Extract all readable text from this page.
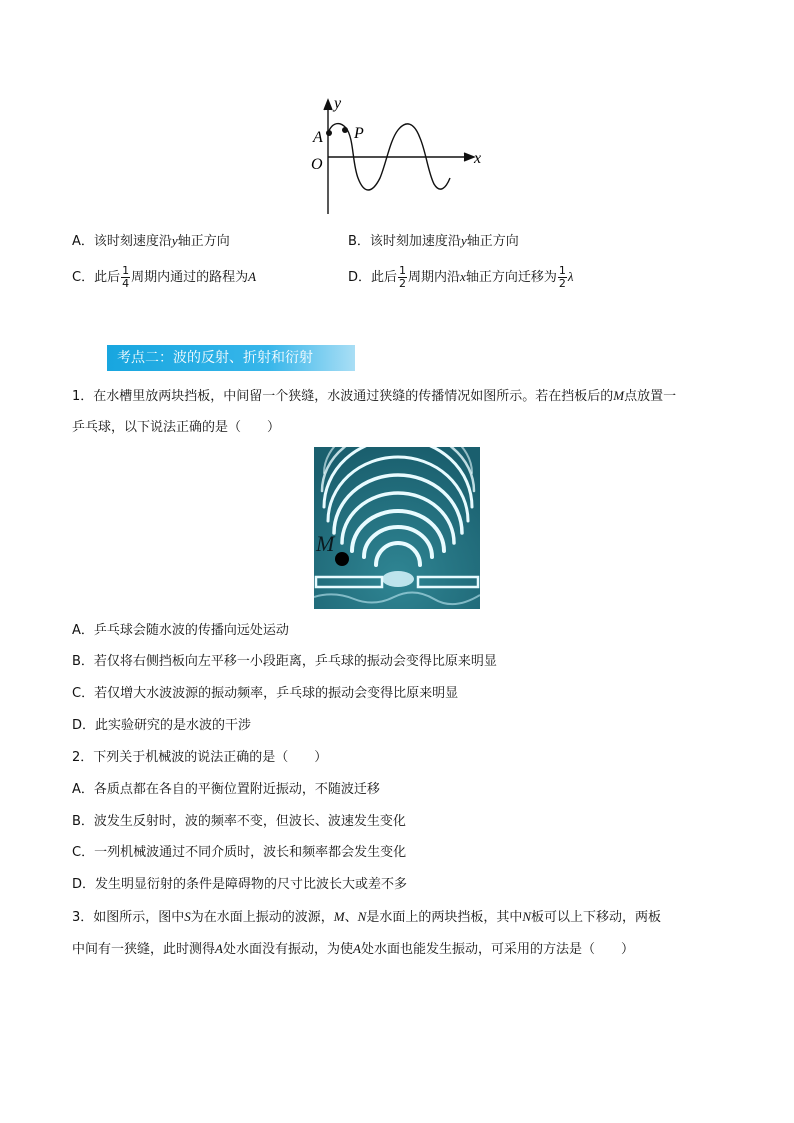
y
x
A P
O
A．该时刻速度沿y轴正方向	B．该时刻加速度沿y轴正方向
C．此后 $\frac{1}{4}$ 周期内通过的路程为A	D．此后 $\frac{1}{2}$ 周期内沿x轴正方向迁移为 $\frac{1}{2}$ λ
考点二：波的反射、折射和衍射
1．在水槽里放两块挡板，中间留一个狭缝，水波通过狭缝的传播情况如图所示。若在挡板后的M点放置一
乒乓球，以下说法正确的是（　　）
M
A．乒乓球会随水波的传播向远处运动
B．若仅将右侧挡板向左平移一小段距离，乒乓球的振动会变得比原来明显
C．若仅增大水波波源的振动频率，乒乓球的振动会变得比原来明显
D．此实验研究的是水波的干涉
2．下列关于机械波的说法正确的是（　　）
A．各质点都在各自的平衡位置附近振动，不随波迁移
B．波发生反射时，波的频率不变，但波长、波速发生变化
C．一列机械波通过不同介质时，波长和频率都会发生变化
D．发生明显衍射的条件是障碍物的尺寸比波长大或差不多
3．如图所示，图中S为在水面上振动的波源，M、N是水面上的两块挡板，其中N板可以上下移动，两板
中间有一狭缝，此时测得A处水面没有振动，为使A处水面也能发生振动，可采用的方法是（　　）
